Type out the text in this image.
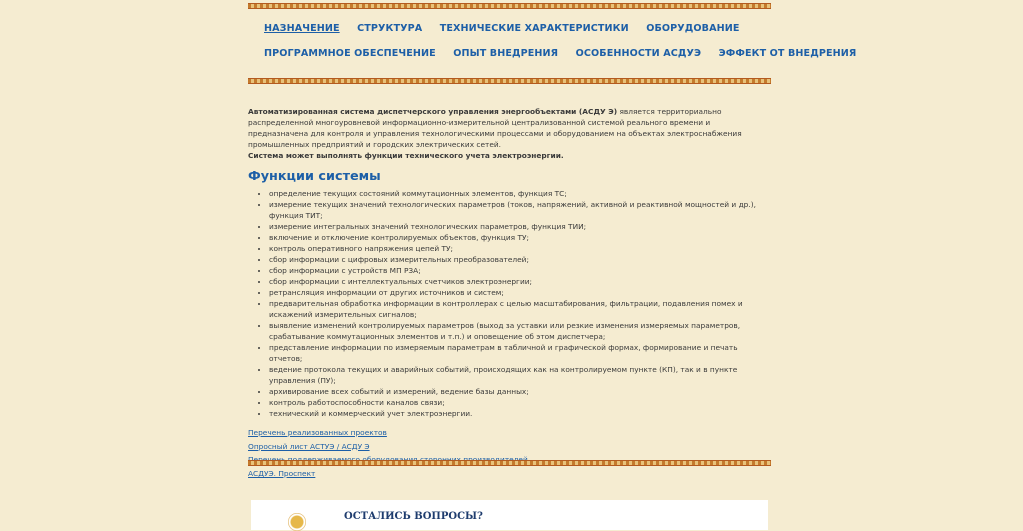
НАЗНАЧЕНИЕ СТРУКТУРА ТЕХНИЧЕСКИЕ ХАРАКТЕРИСТИКИ ОБОРУДОВАНИЕ
ПРОГРАММНОЕ ОБЕСПЕЧЕНИЕ ОПЫТ ВНЕДРЕНИЯ ОСОБЕННОСТИ АСДУЭ ЭФФЕКТ ОТ ВНЕДРЕНИЯ
Автоматизированная система диспетчерского управления энергообъектами (АСДУ Э) является территориально распределенной многоуровневой информационно-измерительной централизованной системой реального времени и предназначена для контроля и управления технологическими процессами и оборудованием на объектах электроснабжения промышленных предприятий и городских электрических сетей.
Система может выполнять функции технического учета электроэнергии.
Функции системы
• определение текущих состояний коммутационных элементов, функция ТС;
• измерение текущих значений технологических параметров (токов, напряжений, активной и реактивной мощностей и др.), функция ТИТ;
• измерение интегральных значений технологических параметров, функция ТИИ;
• включение и отключение контролируемых объектов, функция ТУ;
• контроль оперативного напряжения цепей ТУ;
• сбор информации с цифровых измерительных преобразователей;
• сбор информации с устройств МП РЗА;
• сбор информации с интеллектуальных счетчиков электроэнергии;
• ретрансляция информации от других источников и систем;
• предварительная обработка информации в контроллерах с целью масштабирования, фильтрации, подавления помех и искажений измерительных сигналов;
• выявление изменений контролируемых параметров (выход за уставки или резкие изменения измеряемых параметров, срабатывание коммутационных элементов и т.п.) и оповещение об этом диспетчера;
• представление информации по измеряемым параметрам в табличной и графической формах, формирование и печать отчетов;
• ведение протокола текущих и аварийных событий, происходящих как на контролируемом пункте (КП), так и в пункте управления (ПУ);
• архивирование всех событий и измерений, ведение базы данных;
• контроль работоспособности каналов связи;
• технический и коммерческий учет электроэнергии.
Перечень реализованных проектов
Опросный лист АСТУЭ / АСДУ Э
АСДУЭ. Проспект
ОСТАЛИСЬ ВОПРОСЫ?
